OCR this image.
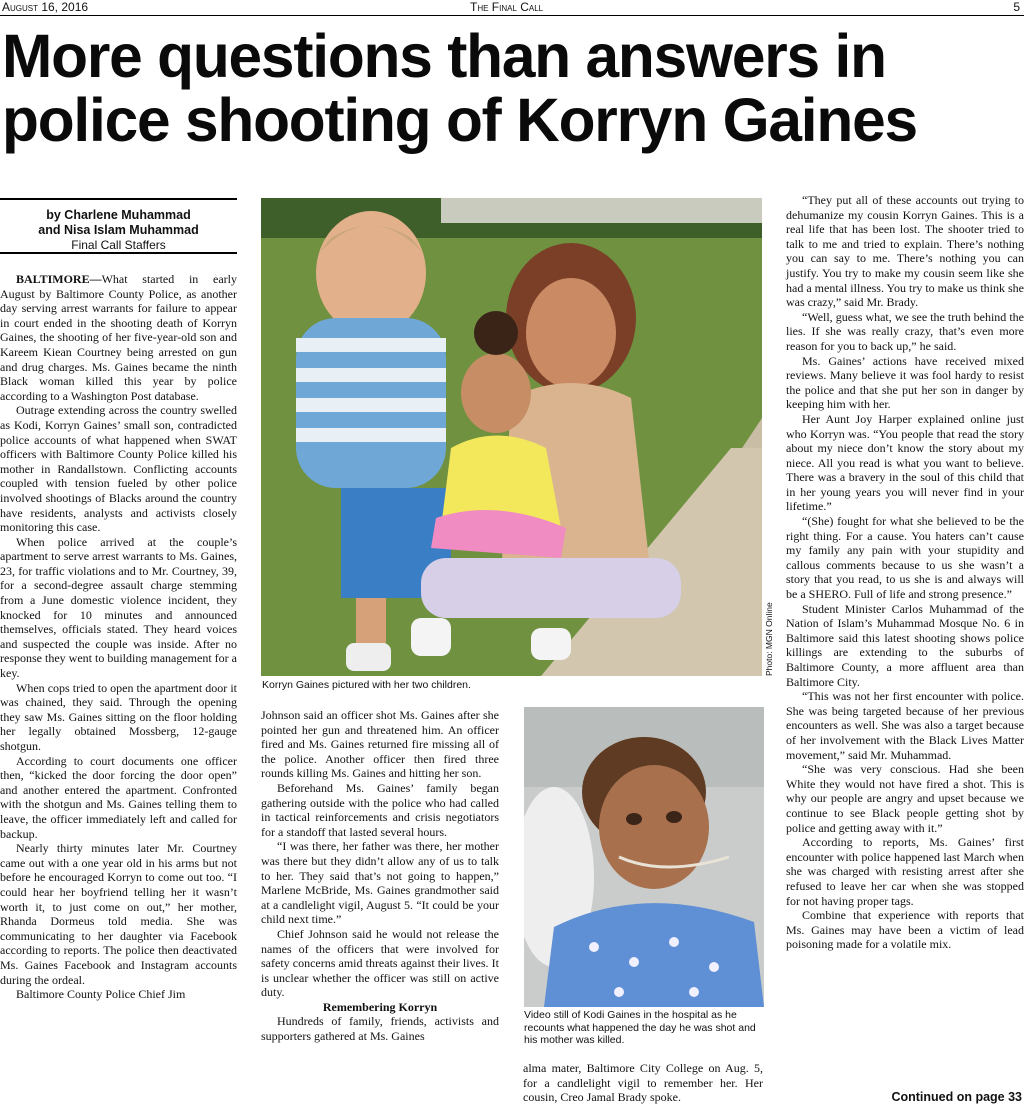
August 16, 2016	The Final Call	5
More questions than answers in police shooting of Korryn Gaines
by Charlene Muhammad
and Nisa Islam Muhammad
Final Call Staffers

BALTIMORE—What started in early August by Baltimore County Police, as another day serving arrest warrants for failure to appear in court ended in the shooting death of Korryn Gaines, the shooting of her five-year-old son and Kareem Kiean Courtney being arrested on gun and drug charges. Ms. Gaines became the ninth Black woman killed this year by police according to a Washington Post database.

Outrage extending across the country swelled as Kodi, Korryn Gaines’ small son, contradicted police accounts of what happened when SWAT officers with Baltimore County Police killed his mother in Randallstown. Conflicting accounts coupled with tension fueled by other police involved shootings of Blacks around the country have residents, analysts and activists closely monitoring this case.

When police arrived at the couple’s apartment to serve arrest warrants to Ms. Gaines, 23, for traffic violations and to Mr. Courtney, 39, for a second-degree assault charge stemming from a June domestic violence incident, they knocked for 10 minutes and announced themselves, officials stated. They heard voices and suspected the couple was inside. After no response they went to building management for a key.

When cops tried to open the apartment door it was chained, they said. Through the opening they saw Ms. Gaines sitting on the floor holding her legally obtained Mossberg, 12-gauge shotgun.

According to court documents one officer then, “kicked the door forcing the door open” and another entered the apartment. Confronted with the shotgun and Ms. Gaines telling them to leave, the officer immediately left and called for backup.

Nearly thirty minutes later Mr. Courtney came out with a one year old in his arms but not before he encouraged Korryn to come out too. “I could hear her boyfriend telling her it wasn’t worth it, to just come on out,” her mother, Rhanda Dormeus told media. She was communicating to her daughter via Facebook according to reports. The police then deactivated Ms. Gaines Facebook and Instagram accounts during the ordeal.

Baltimore County Police Chief Jim

Photo: MGN Online
Korryn Gaines pictured with her two children.

Johnson said an officer shot Ms. Gaines after she pointed her gun and threatened him. An officer fired and Ms. Gaines returned fire missing all of the police. Another officer then fired three rounds killing Ms. Gaines and hitting her son.

Beforehand Ms. Gaines’ family began gathering outside with the police who had called in tactical reinforcements and crisis negotiators for a standoff that lasted several hours.

“I was there, her father was there, her mother was there but they didn’t allow any of us to talk to her. They said that’s not going to happen,” Marlene McBride, Ms. Gaines grandmother said at a candlelight vigil, August 5. “It could be your child next time.”

Chief Johnson said he would not release the names of the officers that were involved for safety concerns amid threats against their lives. It is unclear whether the officer was still on active duty.

Remembering Korryn

Hundreds of family, friends, activists and supporters gathered at Ms. Gaines

Video still of Kodi Gaines in the hospital as he recounts what happened the day he was shot and his mother was killed.

alma mater, Baltimore City College on Aug. 5, for a candlelight vigil to remember her. Her cousin, Creo Jamal Brady spoke.

“They put all of these accounts out trying to dehumanize my cousin Korryn Gaines. This is a real life that has been lost. The shooter tried to talk to me and tried to explain. There’s nothing you can say to me. There’s nothing you can justify. You try to make my cousin seem like she had a mental illness. You try to make us think she was crazy,” said Mr. Brady.

“Well, guess what, we see the truth behind the lies. If she was really crazy, that’s even more reason for you to back up,” he said.

Ms. Gaines’ actions have received mixed reviews. Many believe it was fool hardy to resist the police and that she put her son in danger by keeping him with her.

Her Aunt Joy Harper explained online just who Korryn was. “You people that read the story about my niece don’t know the story about my niece. All you read is what you want to believe. There was a bravery in the soul of this child that in her young years you will never find in your lifetime.”

“(She) fought for what she believed to be the right thing. For a cause. You haters can’t cause my family any pain with your stupidity and callous comments because to us she wasn’t a story that you read, to us she is and always will be a SHERO. Full of life and strong presence.”

Student Minister Carlos Muhammad of the Nation of Islam’s Muhammad Mosque No. 6 in Baltimore said this latest shooting shows police killings are extending to the suburbs of Baltimore County, a more affluent area than Baltimore City.

“This was not her first encounter with police. She was being targeted because of her previous encounters as well. She was also a target because of her involvement with the Black Lives Matter movement,” said Mr. Muhammad.

“She was very conscious. Had she been White they would not have fired a shot. This is why our people are angry and upset because we continue to see Black people getting shot by police and getting away with it.”

According to reports, Ms. Gaines’ first encounter with police happened last March when she was charged with resisting arrest after she refused to leave her car when she was stopped for not having proper tags.

Combine that experience with reports that Ms. Gaines may have been a victim of lead poisoning made for a volatile mix.

Continued on page 33
